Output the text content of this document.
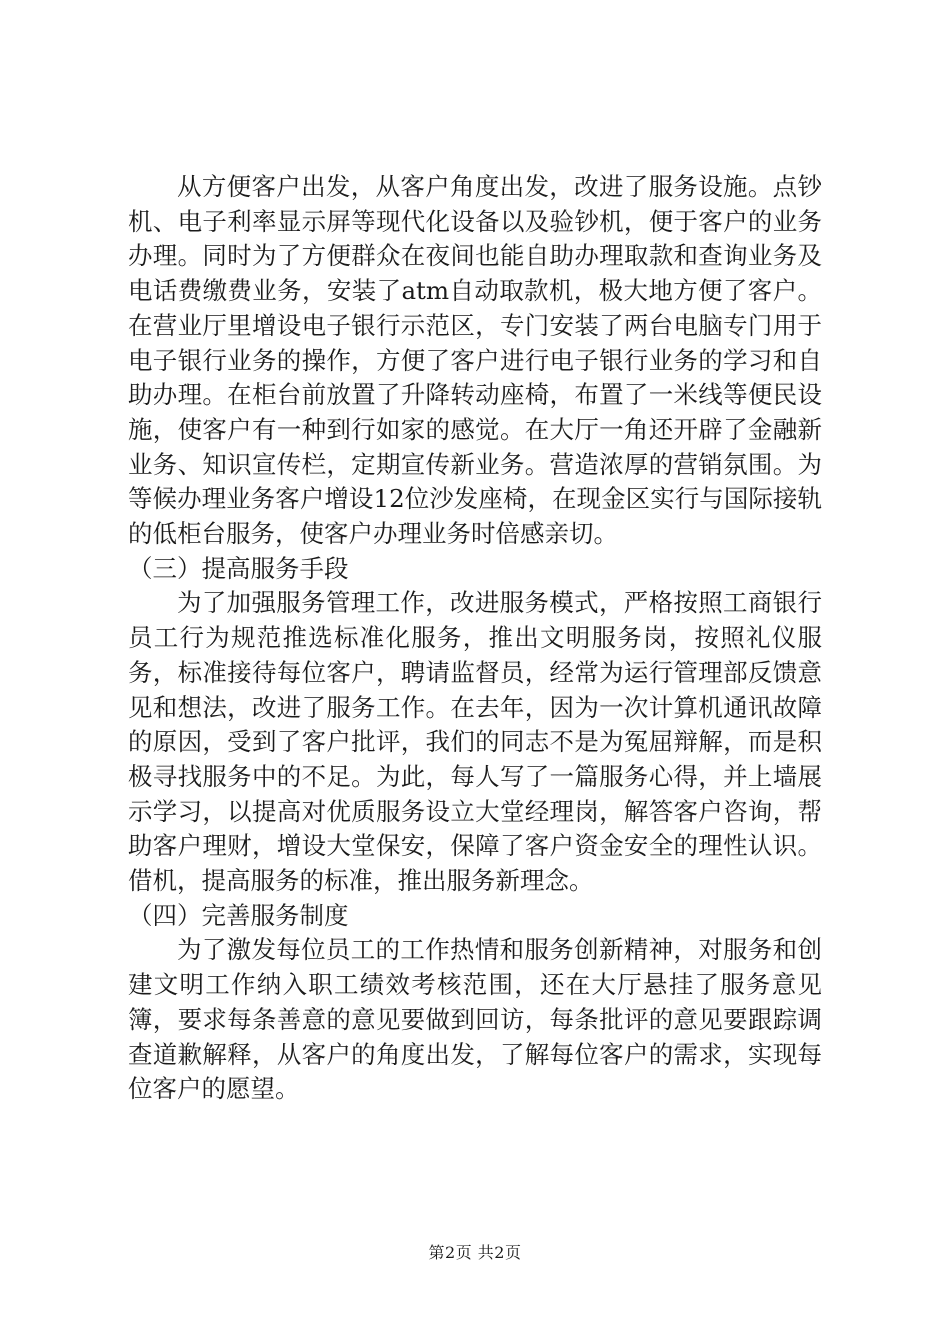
从方便客户出发，从客户角度出发，改进了服务设施。点钞机、电子利率显示屏等现代化设备以及验钞机，便于客户的业务办理。同时为了方便群众在夜间也能自助办理取款和查询业务及电话费缴费业务，安装了atm自动取款机，极大地方便了客户。在营业厅里增设电子银行示范区，专门安装了两台电脑专门用于电子银行业务的操作，方便了客户进行电子银行业务的学习和自助办理。在柜台前放置了升降转动座椅，布置了一米线等便民设施，使客户有一种到行如家的感觉。在大厅一角还开辟了金融新业务、知识宣传栏，定期宣传新业务。营造浓厚的营销氛围。为等候办理业务客户增设12位沙发座椅，在现金区实行与国际接轨的低柜台服务，使客户办理业务时倍感亲切。

（三）提高服务手段

为了加强服务管理工作，改进服务模式，严格按照工商银行员工行为规范推选标准化服务，推出文明服务岗，按照礼仪服务，标准接待每位客户，聘请监督员，经常为运行管理部反馈意见和想法，改进了服务工作。在去年，因为一次计算机通讯故障的原因，受到了客户批评，我们的同志不是为冤屈辩解，而是积极寻找服务中的不足。为此，每人写了一篇服务心得，并上墙展示学习，以提高对优质服务设立大堂经理岗，解答客户咨询，帮助客户理财，增设大堂保安，保障了客户资金安全的理性认识。借机，提高服务的标准，推出服务新理念。

（四）完善服务制度

为了激发每位员工的工作热情和服务创新精神，对服务和创建文明工作纳入职工绩效考核范围，还在大厅悬挂了服务意见簿，要求每条善意的意见要做到回访，每条批评的意见要跟踪调查道歉解释，从客户的角度出发，了解每位客户的需求，实现每位客户的愿望。

第2页 共2页
